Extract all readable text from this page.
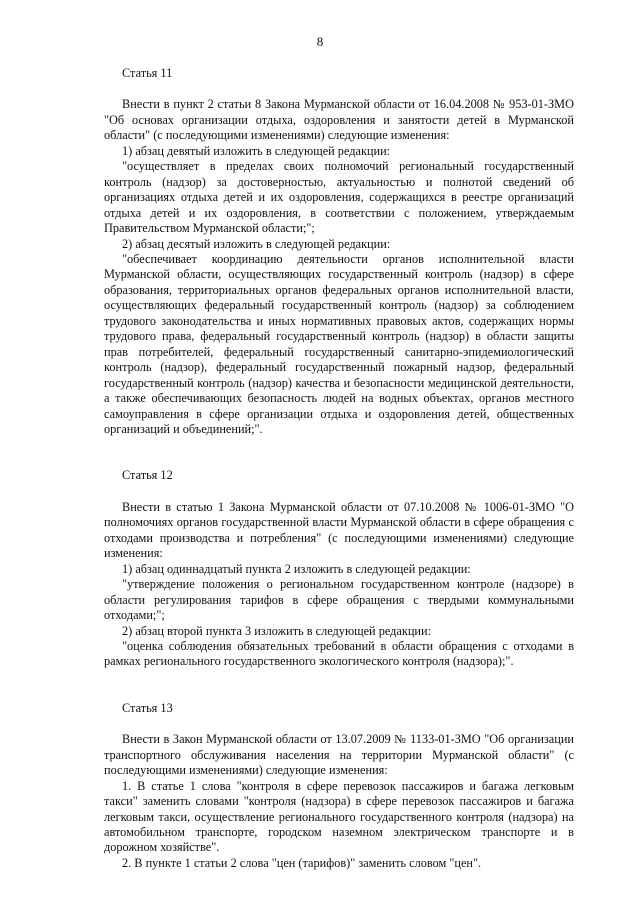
8

Статья 11

Внести в пункт 2 статьи 8 Закона Мурманской области от 16.04.2008 № 953-01-ЗМО "Об основах организации отдыха, оздоровления и занятости детей в Мурманской области" (с последующими изменениями) следующие изменения:

1) абзац девятый изложить в следующей редакции:

"осуществляет в пределах своих полномочий региональный государственный контроль (надзор) за достоверностью, актуальностью и полнотой сведений об организациях отдыха детей и их оздоровления, содержащихся в реестре организаций отдыха детей и их оздоровления, в соответствии с положением, утверждаемым Правительством Мурманской области;";

2) абзац десятый изложить в следующей редакции:

"обеспечивает координацию деятельности органов исполнительной власти Мурманской области, осуществляющих государственный контроль (надзор) в сфере образования, территориальных органов федеральных органов исполнительной власти, осуществляющих федеральный государственный контроль (надзор) за соблюдением трудового законодательства и иных нормативных правовых актов, содержащих нормы трудового права, федеральный государственный контроль (надзор) в области защиты прав потребителей, федеральный государственный санитарно-эпидемиологический контроль (надзор), федеральный государственный пожарный надзор, федеральный государственный контроль (надзор) качества и безопасности медицинской деятельности, а также обеспечивающих безопасность людей на водных объектах, органов местного самоуправления в сфере организации отдыха и оздоровления детей, общественных организаций и объединений;".

Статья 12

Внести в статью 1 Закона Мурманской области от 07.10.2008 № 1006-01-ЗМО "О полномочиях органов государственной власти Мурманской области в сфере обращения с отходами производства и потребления" (с последующими изменениями) следующие изменения:

1) абзац одиннадцатый пункта 2 изложить в следующей редакции:

"утверждение положения о региональном государственном контроле (надзоре) в области регулирования тарифов в сфере обращения с твердыми коммунальными отходами;";

2) абзац второй пункта 3 изложить в следующей редакции:

"оценка соблюдения обязательных требований в области обращения с отходами в рамках регионального государственного экологического контроля (надзора);".

Статья 13

Внести в Закон Мурманской области от 13.07.2009 № 1133-01-ЗМО "Об организации транспортного обслуживания населения на территории Мурманской области" (с последующими изменениями) следующие изменения:

1. В статье 1 слова "контроля в сфере перевозок пассажиров и багажа легковым такси" заменить словами "контроля (надзора) в сфере перевозок пассажиров и багажа легковым такси, осуществление регионального государственного контроля (надзора) на автомобильном транспорте, городском наземном электрическом транспорте и в дорожном хозяйстве".

2. В пункте 1 статьи 2 слова "цен (тарифов)" заменить словом "цен".
